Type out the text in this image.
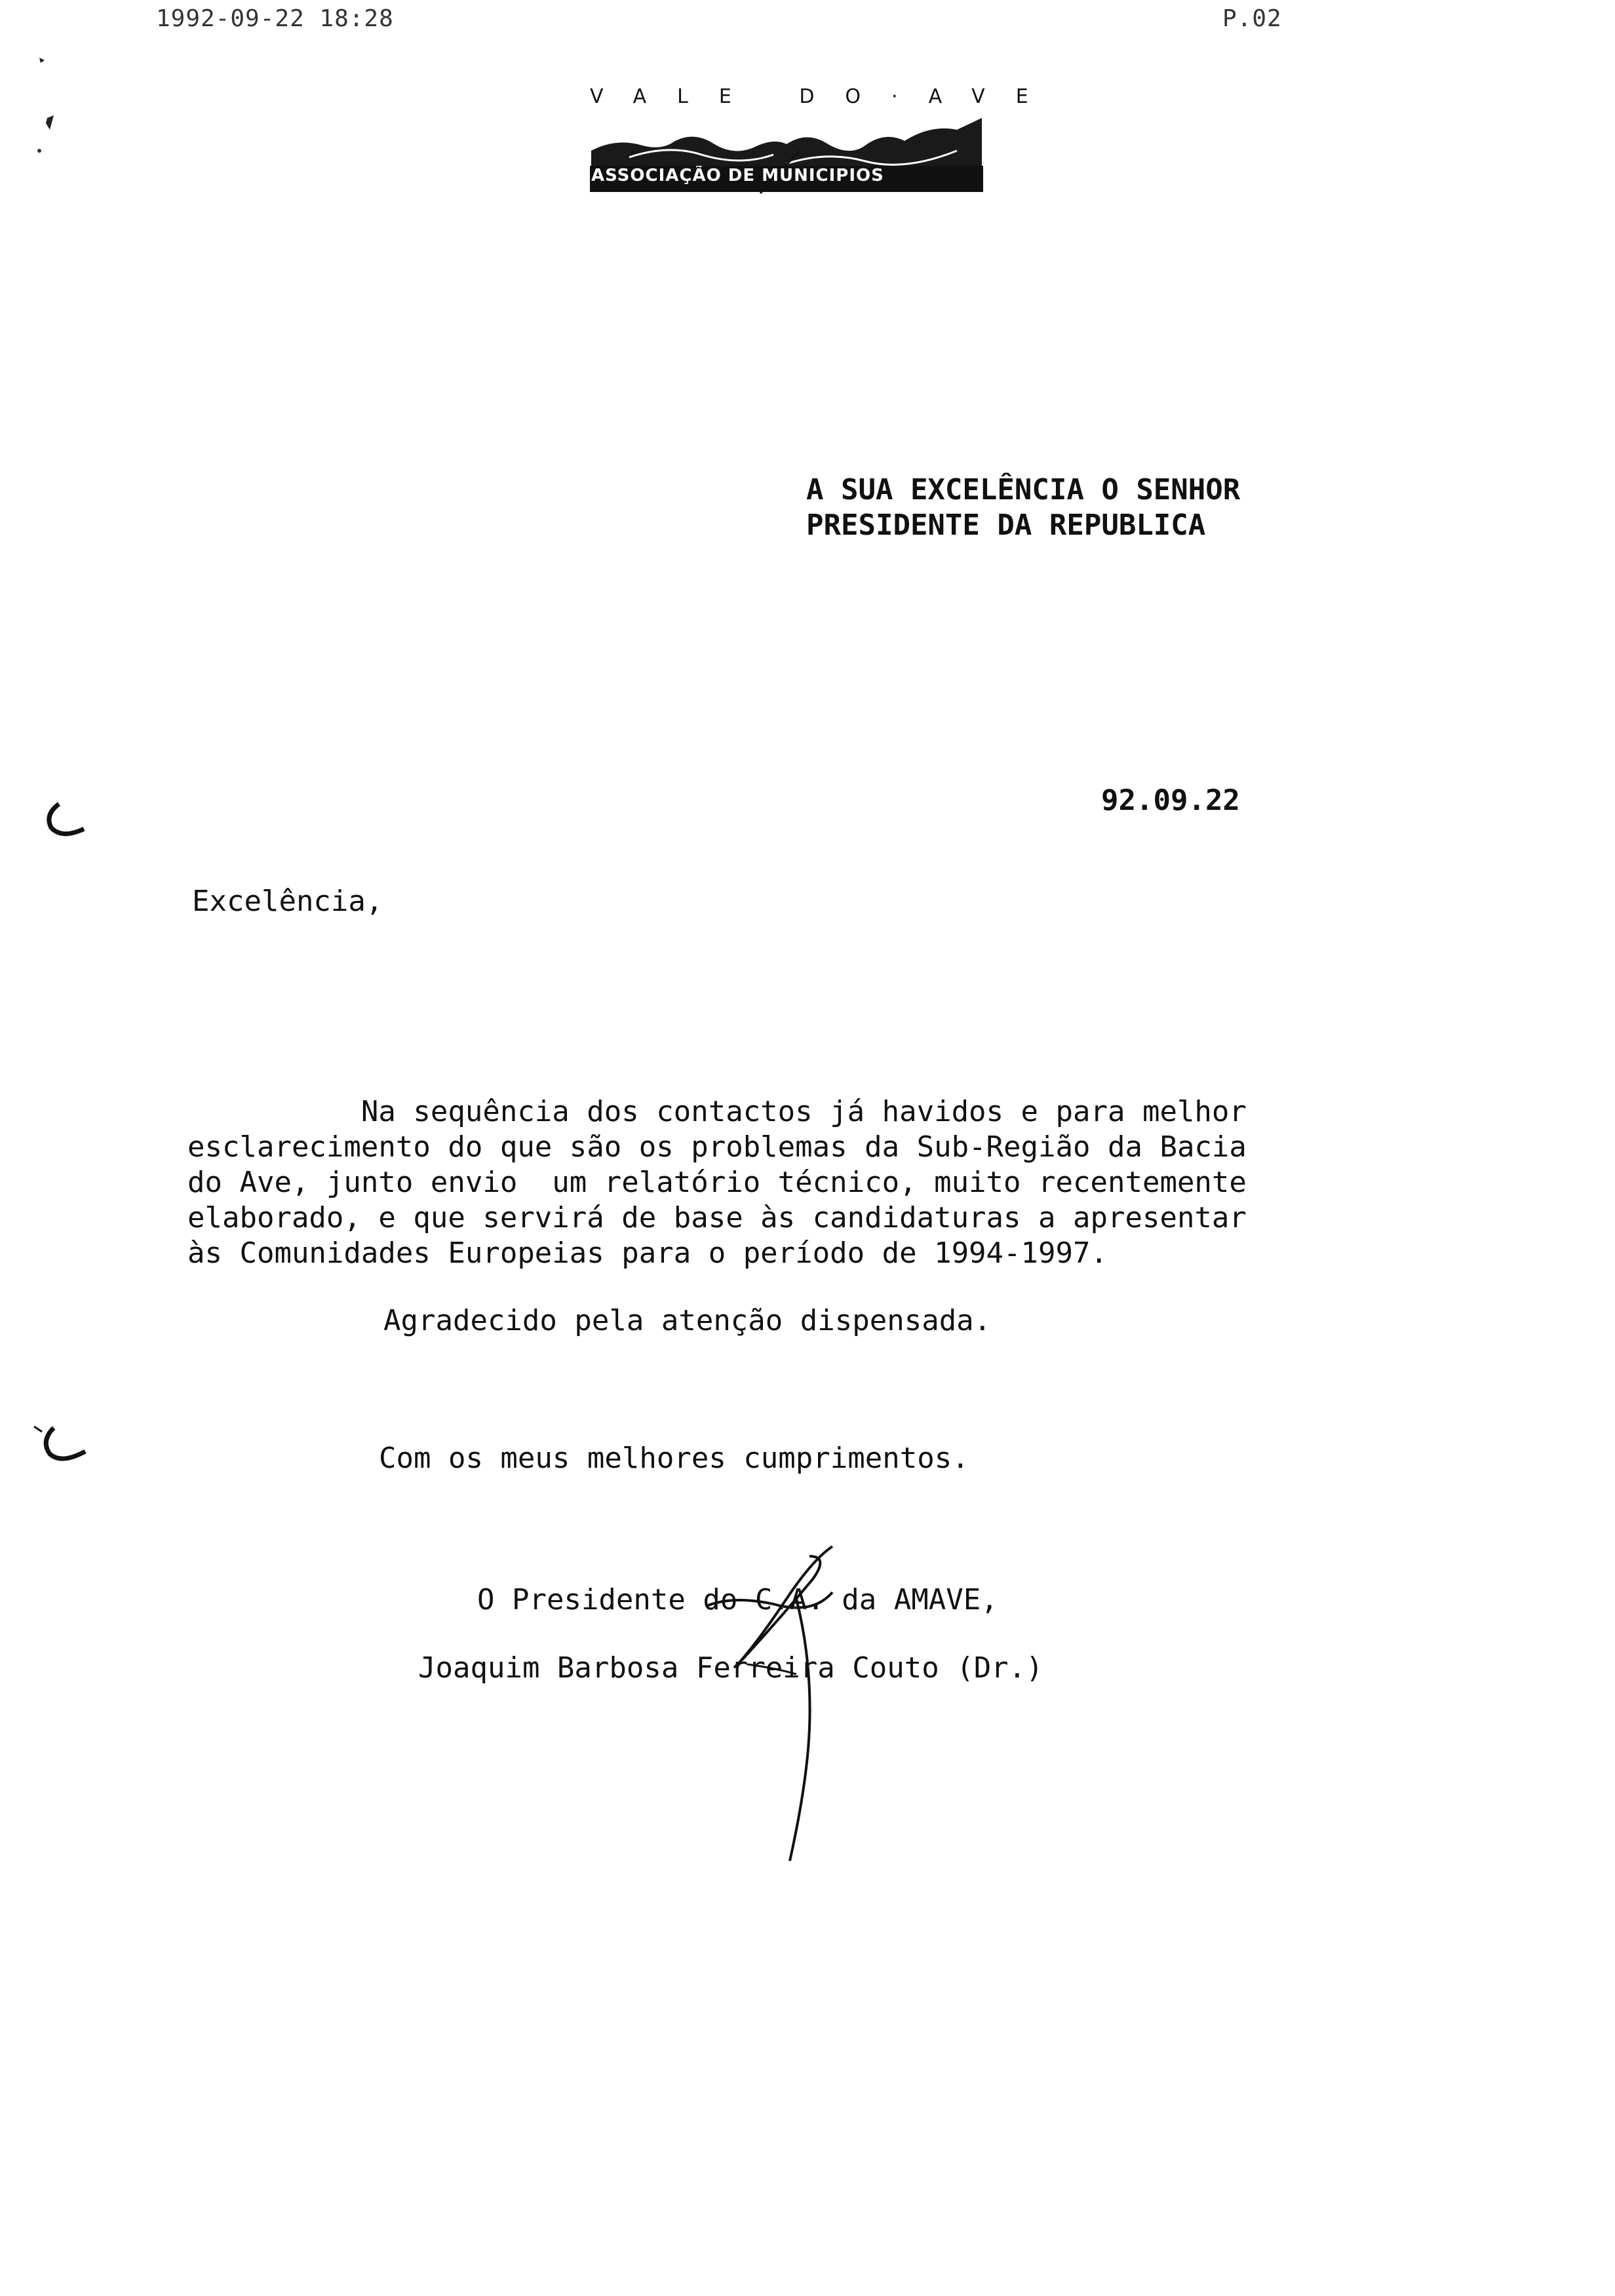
1992-09-22 18:28	P.02
VALE DO·AVE
ASSOCIAÇÃO DE MUNICIPIOS
A SUA EXCELÊNCIA O SENHOR
PRESIDENTE DA REPUBLICA
92.09.22
Excelência,
Na sequência dos contactos já havidos e para melhor
esclarecimento do que são os problemas da Sub-Região da Bacia
do Ave, junto envio  um relatório técnico, muito recentemente
elaborado, e que servirá de base às candidaturas a apresentar
às Comunidades Europeias para o período de 1994-1997.
Agradecido pela atenção dispensada.
Com os meus melhores cumprimentos.
O Presidente do C.A. da AMAVE,
Joaquim Barbosa Ferreira Couto (Dr.)
